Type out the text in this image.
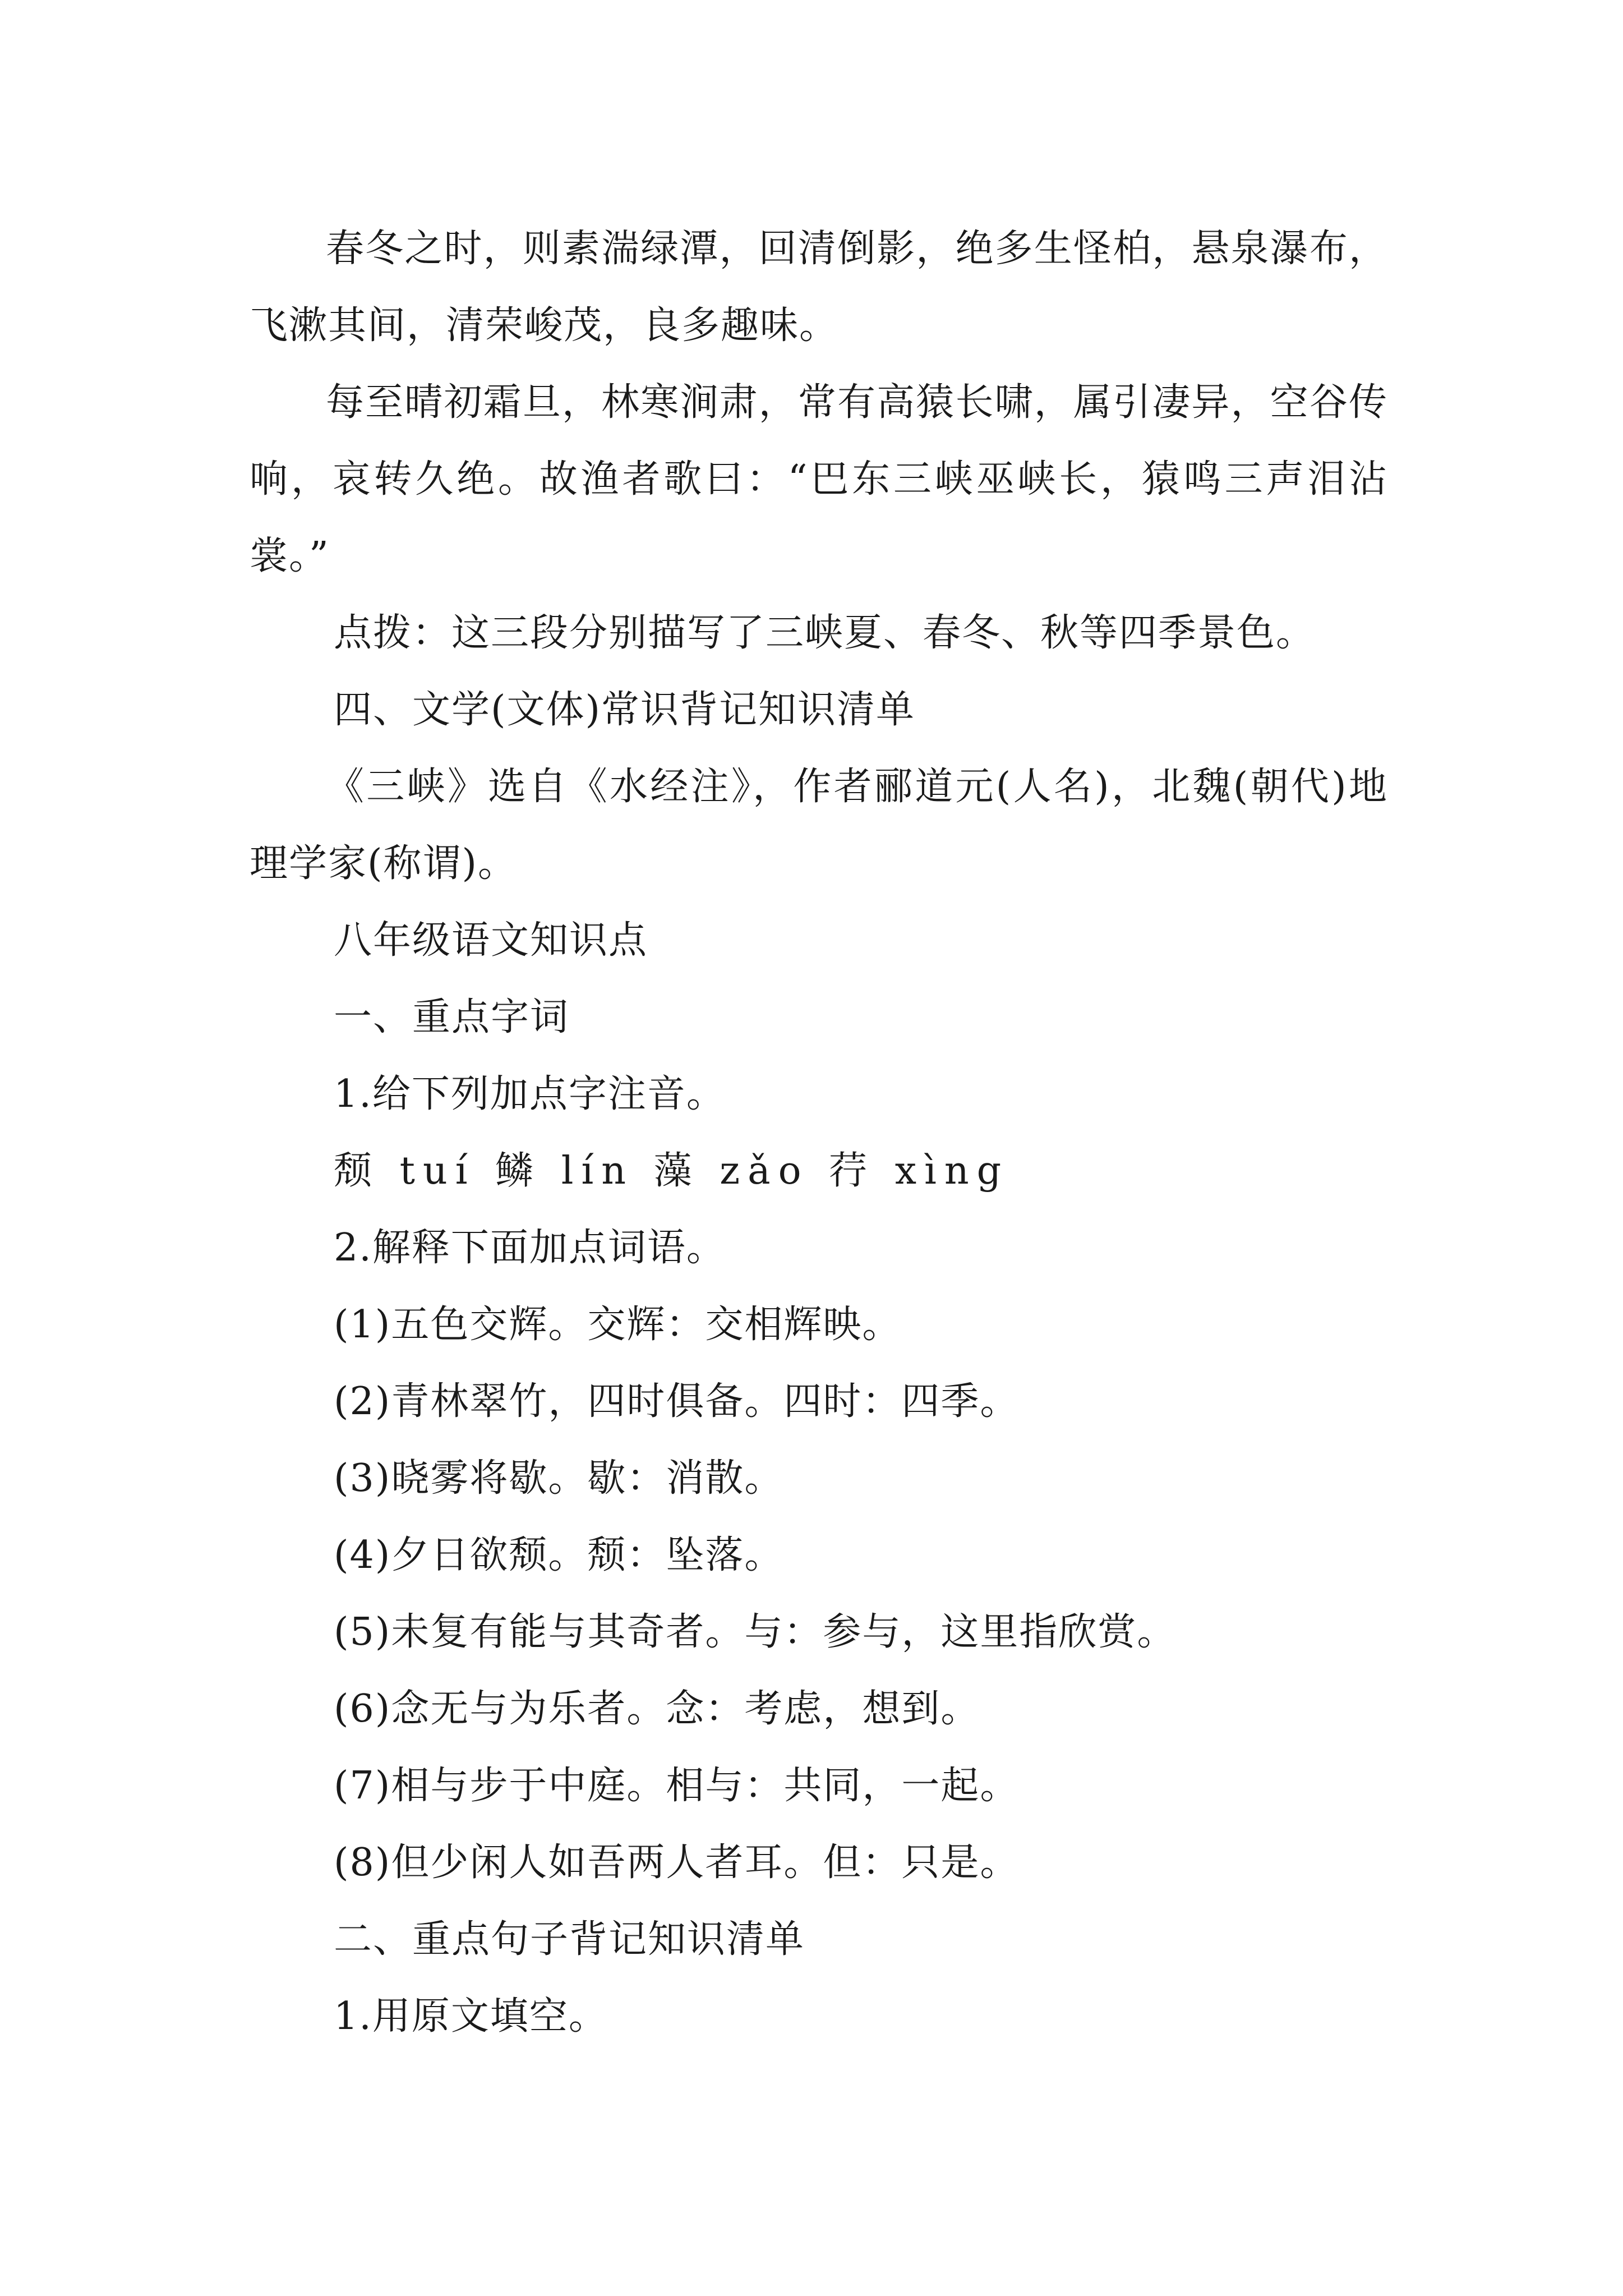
春冬之时，则素湍绿潭，回清倒影，绝多生怪柏，悬泉瀑布，飞漱其间，清荣峻茂，良多趣味。

每至晴初霜旦，林寒涧肃，常有高猿长啸，属引凄异，空谷传响，哀转久绝。故渔者歌曰：“巴东三峡巫峡长，猿鸣三声泪沾裳。”

点拨：这三段分别描写了三峡夏、春冬、秋等四季景色。

四、文学(文体)常识背记知识清单

《三峡》选自《水经注》，作者郦道元(人名)，北魏(朝代)地理学家(称谓)。

八年级语文知识点

一、重点字词

1.给下列加点字注音。

颓 tuí 鳞 lín 藻 zǎo 荇 xìng

2.解释下面加点词语。

(1)五色交辉。交辉：交相辉映。

(2)青林翠竹，四时俱备。四时：四季。

(3)晓雾将歇。歇：消散。

(4)夕日欲颓。颓：坠落。

(5)未复有能与其奇者。与：参与，这里指欣赏。

(6)念无与为乐者。念：考虑，想到。

(7)相与步于中庭。相与：共同，一起。

(8)但少闲人如吾两人者耳。但：只是。

二、重点句子背记知识清单

1.用原文填空。
